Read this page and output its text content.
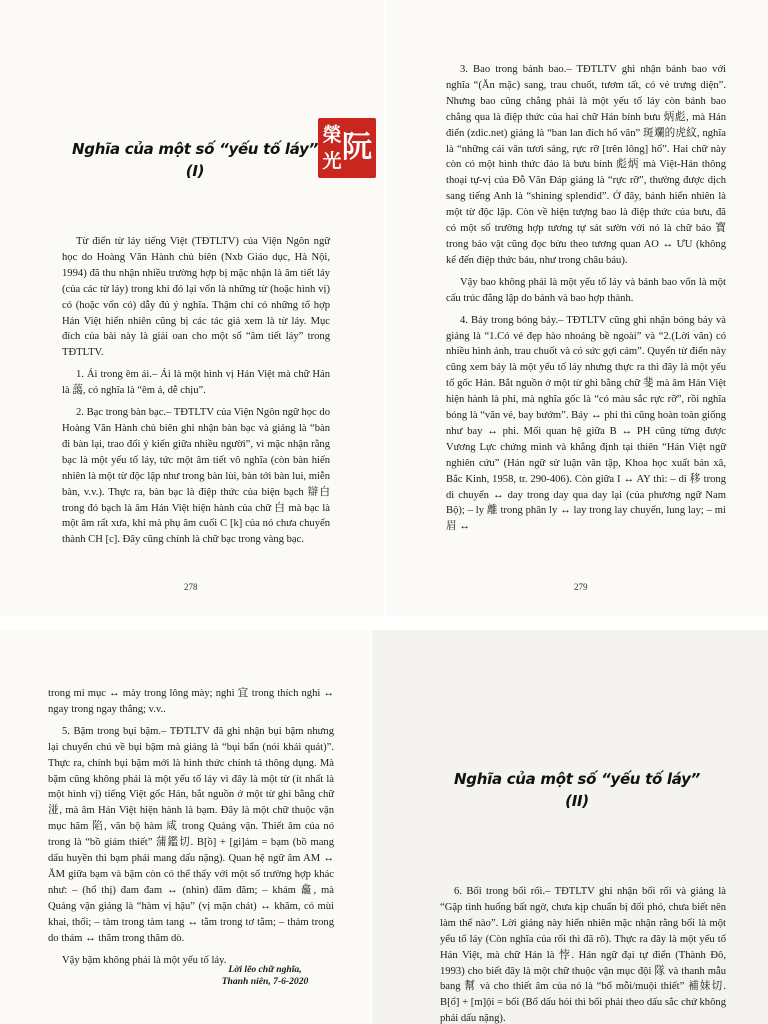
Nghĩa của một số “yếu tố láy”
(I)
榮 阮
光

Từ điển từ láy tiếng Việt (TĐTLTV) của Viện Ngôn ngữ học do Hoàng Văn Hành chủ biên (Nxb Giáo dục, Hà Nội, 1994) đã thu nhận nhiều trường hợp bị mặc nhận là âm tiết láy (của các từ láy) trong khi đó lại vốn là những từ (hoặc hình vị) có (hoặc vốn có) dẫy đủ ý nghĩa. Thậm chí có những tổ hợp Hán Việt hiển nhiên cũng bị các tác giả xem là từ láy. Mục đích của bài này là giải oan cho một số “âm tiết láy” trong TĐTLTV.

1. Ái trong êm ái.– Ái là một hình vị Hán Việt mà chữ Hán là 藹, có nghĩa là “êm ả, dễ chịu”.

2. Bạc trong bàn bạc.– TĐTLTV của Viện Ngôn ngữ học do Hoàng Văn Hành chủ biên ghi nhận bàn bạc và giảng là “bàn đi bàn lại, trao đổi ý kiến giữa nhiều người”, vì mặc nhận rằng bạc là một yếu tố láy, tức một âm tiết vô nghĩa (còn bàn hiển nhiên là một từ độc lập như trong bàn lùi, bàn tới bàn lui, miễn bàn, v.v.). Thực ra, bàn bạc là điệp thức của biện bạch 辯白 trong đó bạch là âm Hán Việt hiện hành của chữ 白 mà bạc là một âm rất xưa, khi mà phụ âm cuối C [k] của nó chưa chuyển thành CH [c]. Đây cũng chính là chữ bạc trong vàng bạc.

278

3. Bao trong bảnh bao.– TĐTLTV ghi nhận bảnh bao với nghĩa “(Ăn mặc) sang, trau chuốt, tươm tất, có vẻ trưng diện”. Nhưng bao cũng chẳng phải là một yếu tố láy còn bảnh bao chẳng qua là điệp thức của hai chữ Hán bính bưu 炳彪, mà Hán điển (zdic.net) giảng là “ban lan đích hổ văn” 斑斕的虎紋, nghĩa là “những cái vân tươi sáng, rực rỡ [trên lông] hổ”. Hai chữ này còn có một hình thức đảo là bưu bính 彪炳 mà Việt-Hán thông thoại tự-vị của Đỗ Văn Đáp giảng là “rực rỡ”, thường được dịch sang tiếng Anh là “shining splendid”. Ở đây, bảnh hiển nhiên là một từ độc lập. Còn về hiện tượng bao là điệp thức của bưu, đã có một số trường hợp tương tự sát sườn với nó là chữ bảo 寶 trong bảo vật cũng đọc bửu theo tương quan AO ↔ ƯU (không kể đến điệp thức báu, như trong châu báu).

Vậy bao không phải là một yếu tố láy và bảnh bao vốn là một cấu trúc đẳng lập do bảnh và bao hợp thành.

4. Bảy trong bóng bảy.– TĐTLTV cũng ghi nhận bóng bảy và giảng là “1.Có vẻ đẹp hào nhoáng bề ngoài” và “2.(Lời văn) có nhiều hình ảnh, trau chuốt và có sức gợi cảm”. Quyển từ điển này cũng xem bảy là một yếu tố láy nhưng thực ra thì đây là một yếu tố gốc Hán. Bắt nguồn ở một từ ghi bằng chữ 斐 mà âm Hán Việt hiện hành là phỉ, mà nghĩa gốc là “có màu sắc rực rỡ”, rồi nghĩa bóng là “văn vẻ, bay bướm”. Bảy ↔ phỉ thì cũng hoàn toàn giống như bay ↔ phi. Mối quan hệ giữa B ↔ PH cũng từng được Vương Lực chứng minh và khẳng định tại thiên “Hán Việt ngữ nghiên cứu” (Hán ngữ sử luận văn tập, Khoa học xuất bản xã, Bắc Kinh, 1958, tr. 290-406). Còn giữa I ↔ AY thì: – di 移 trong di chuyển ↔ day trong day qua day lại (của phương ngữ Nam Bộ); – ly 離 trong phân ly ↔ lay trong lay chuyển, lung lay; – mi 眉 ↔

279

trong mi mục ↔ mày trong lông mày; nghi 宜 trong thích nghi ↔ ngay trong ngay thẳng; v.v..

5. Bặm trong bụi bặm.– TĐTLTV đã ghi nhận bụi bặm nhưng lại chuyển chú về bụi bậm mà giảng là “bụi bẩn (nói khái quát)”. Thực ra, chính bụi bặm mới là hình thức chính tả thông dụng. Mà bặm cũng không phải là một yếu tố láy vì đây là một từ (ít nhất là một hình vị) tiếng Việt gốc Hán, bắt nguồn ở một từ ghi bằng chữ 湴, mà âm Hán Việt hiện hành là bạm. Đây là một chữ thuộc vận mục hãm 陷, văn bộ hàm 咸 trong Quảng vận. Thiết âm của nó trong là “bồ giám thiết” 蒲鑑切. B[ồ] + [gi]ám = bạm (bồ mang dấu huyền thì bạm phải mang dấu nặng). Quan hệ ngữ âm AM ↔ ĂM giữa bạm và bặm còn có thể thấy với một số trường hợp khác như: – (hổ thị) đam đam ↔ (nhìn) đăm đăm; – khám 龕, mà Quảng vận giảng là “hàm vị hậu” (vị mặn chát) ↔ khăm, có mùi khai, thối; – tàm trong tàm tang ↔ tằm trong tơ tằm; – thảm trong do thám ↔ thăm trong thăm dò.

Vậy bặm không phải là một yếu tố láy.

Lời lẽo chữ nghĩa,
Thanh niên, 7-6-2020
Nghĩa của một số “yếu tố láy”
(II)

6. Bối trong bối rối.– TĐTLTV ghi nhận bối rối và giảng là “Gặp tình huống bất ngờ, chưa kịp chuẩn bị đối phó, chưa biết nên làm thế nào”. Lời giảng này hiển nhiên mặc nhận rằng bối là một yếu tố láy (Còn nghĩa của rối thì đã rõ). Thực ra đây là một yếu tố Hán Việt, mà chữ Hán là 悖. Hán ngữ đại tự điển (Thành Đô, 1993) cho biết đây là một chữ thuộc vận mục đội 隊 và thanh mẫu bang 幫 và cho thiết âm của nó là “bổ mỗi/muội thiết” 補妹切. B[ổ] + [m]ội = bối (Bổ dấu hỏi thì bối phải theo dấu sắc chứ không phải dấu nặng).
